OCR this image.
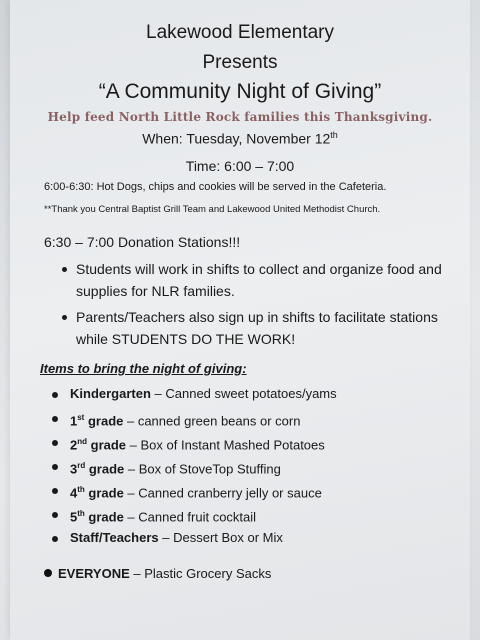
Lakewood Elementary
Presents
“A Community Night of Giving”
Help feed North Little Rock families this Thanksgiving.
When: Tuesday, November 12th
Time: 6:00 – 7:00
6:00-6:30: Hot Dogs, chips and cookies will be served in the Cafeteria.
**Thank you Central Baptist Grill Team and Lakewood United Methodist Church.
6:30 – 7:00 Donation Stations!!!
Students will work in shifts to collect and organize food and supplies for NLR families.
Parents/Teachers also sign up in shifts to facilitate stations while STUDENTS DO THE WORK!
Items to bring the night of giving:
Kindergarten – Canned sweet potatoes/yams
1st grade – canned green beans or corn
2nd grade – Box of Instant Mashed Potatoes
3rd grade – Box of StoveTop Stuffing
4th grade – Canned cranberry jelly or sauce
5th grade – Canned fruit cocktail
Staff/Teachers – Dessert Box or Mix
EVERYONE – Plastic Grocery Sacks
